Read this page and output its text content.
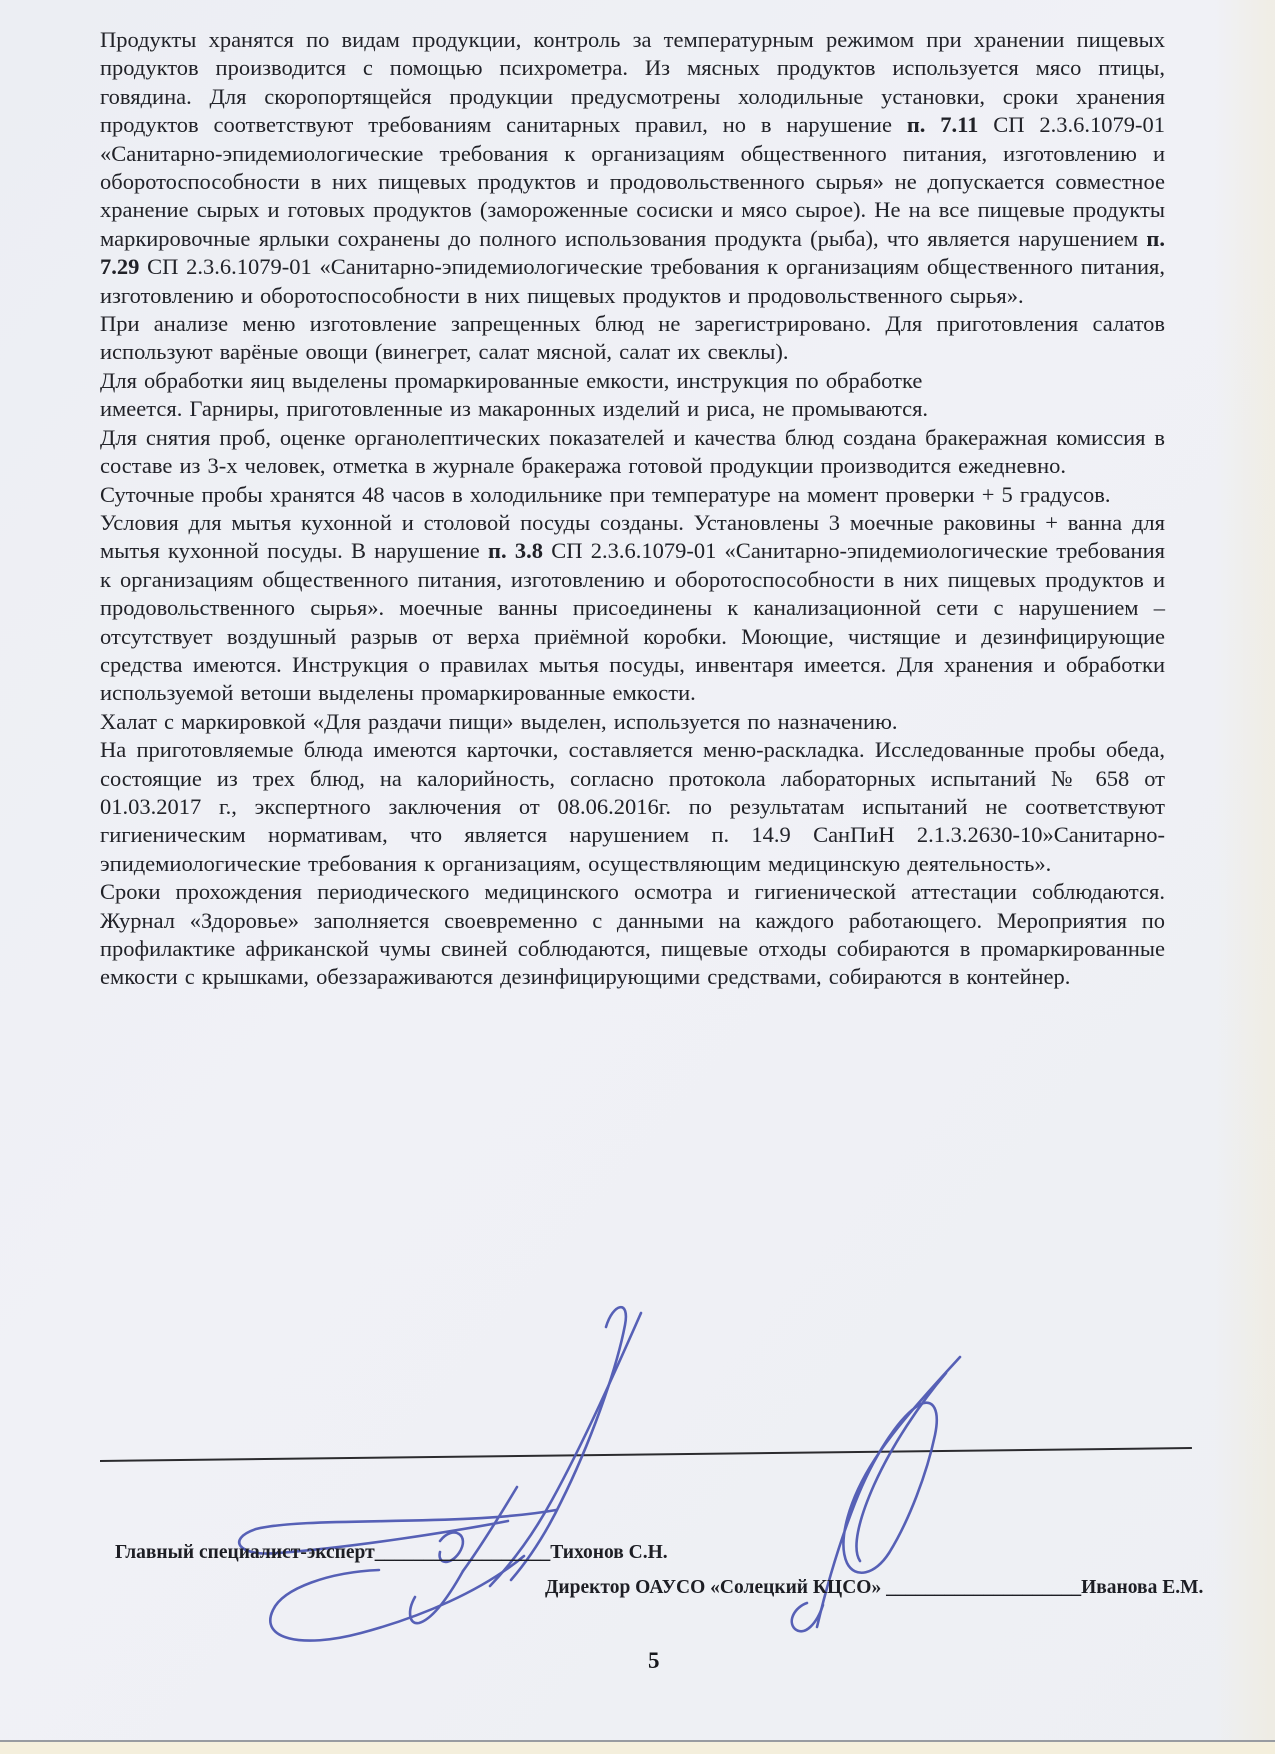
Продукты хранятся по видам продукции, контроль за температурным режимом при хранении пищевых продуктов производится с помощью психрометра. Из мясных продуктов используется мясо птицы, говядина. Для скоропортящейся продукции предусмотрены холодильные установки, сроки хранения продуктов соответствуют требованиям санитарных правил, но в нарушение п. 7.11 СП 2.3.6.1079-01 «Санитарно-эпидемиологические требования к организациям общественного питания, изготовлению и оборотоспособности в них пищевых продуктов и продовольственного сырья» не допускается совместное хранение сырых и готовых продуктов (замороженные сосиски и мясо сырое). Не на все пищевые продукты маркировочные ярлыки сохранены до полного использования продукта (рыба), что является нарушением п. 7.29 СП 2.3.6.1079-01 «Санитарно-эпидемиологические требования к организациям общественного питания, изготовлению и оборотоспособности в них пищевых продуктов и продовольственного сырья».

При анализе меню изготовление запрещенных блюд не зарегистрировано. Для приготовления салатов используют варёные овощи (винегрет, салат мясной, салат их свеклы).

Для обработки яиц выделены промаркированные емкости, инструкция по обработке

имеется. Гарниры, приготовленные из макаронных изделий и риса, не промываются.

Для снятия проб, оценке органолептических показателей и качества блюд создана бракеражная комиссия в составе из 3-х человек, отметка в журнале бракеража готовой продукции производится ежедневно.

Суточные пробы хранятся 48 часов в холодильнике при температуре на момент проверки + 5 градусов.

Условия для мытья кухонной и столовой посуды созданы. Установлены 3 моечные раковины + ванна для мытья кухонной посуды. В нарушение п. 3.8 СП 2.3.6.1079-01 «Санитарно-эпидемиологические требования к организациям общественного питания, изготовлению и оборотоспособности в них пищевых продуктов и продовольственного сырья». моечные ванны присоединены к канализационной сети с нарушением – отсутствует воздушный разрыв от верха приёмной коробки. Моющие, чистящие и дезинфицирующие средства имеются. Инструкция о правилах мытья посуды, инвентаря имеется. Для хранения и обработки используемой ветоши выделены промаркированные емкости.

Халат с маркировкой «Для раздачи пищи» выделен, используется по назначению.

На приготовляемые блюда имеются карточки, составляется меню-раскладка. Исследованные пробы обеда, состоящие из трех блюд, на калорийность, согласно протокола лабораторных испытаний № 658 от 01.03.2017 г., экспертного заключения от 08.06.2016г. по результатам испытаний не соответствуют гигиеническим нормативам, что является нарушением п. 14.9 СанПиН 2.1.3.2630-10»Санитарно-эпидемиологические требования к организациям, осуществляющим медицинскую деятельность».

Сроки прохождения периодического медицинского осмотра и гигиенической аттестации соблюдаются. Журнал «Здоровье» заполняется своевременно с данными на каждого работающего. Мероприятия по профилактике африканской чумы свиней соблюдаются, пищевые отходы собираются в промаркированные емкости с крышками, обеззараживаются дезинфицирующими средствами, собираются в контейнер.

Главный специалист-эксперт__________________Тихонов С.Н.
Директор ОАУСО «Солецкий КЦСО» ____________________Иванова Е.М.
5
